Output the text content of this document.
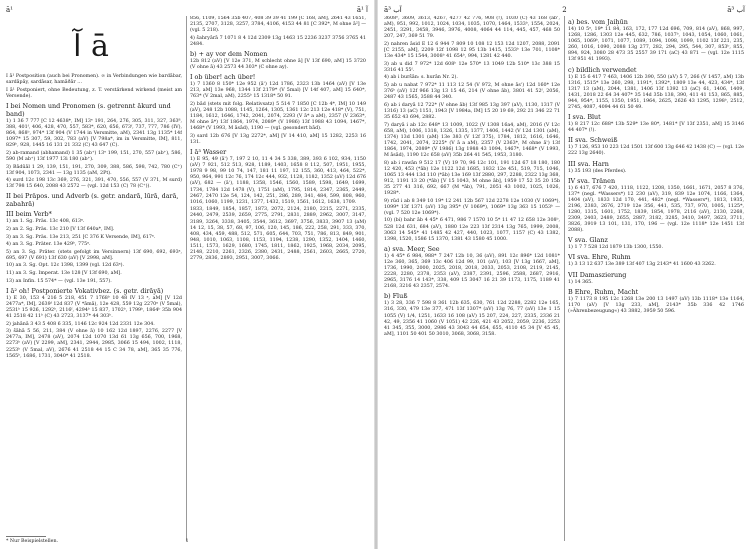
ā¹	ā¹ آ
آ ā
I ā¹ Postposition (auch bei Pronomen). ∞ in Verbindungen wie bardābar, sardāpāy, sardāsar, hamāðār …
I ā¹ Postponiert, ohne Bedeutung, z. T. verstärkend wirkend (meist am Versende).
I bei Nomen und Pronomen (s. getrennt ākurd und band)
1) 1 36 7 777 [C 12 4638*, IM] 13ᵉ 191, 264, 276, 305, 311, 327, 363⁸, 388, 401ᶠ, 406, 428, 470, 557, 583*, 620, 656, 673ᶠ, 737, 777, 786 (IV), 864, 868ᵇ, 974* 13f 904 (V 1744 in Versmitte, aM), 2341 13g 1135* 14f 1097* 15 307, 59, 302, 783 (aV) [V 798a*, im in Versmitte, IM], 811, 829ᵇ, 928, 1445 16 131 21 332 (C) 43 647 (C).
2) ab-ramand (abhamand) 1 35 (ab⁺) 13ᵉ 199, 151, 270, 557 (ab⁺), 586, 590 (M ab⁺) 13f 1977 13i 180 (ab⁺).
3) Bādūāl 1 29, 139, 151, 191, 270, 309, 388, 586, 598, 742, 780 (C⁺) 13f 904, 1073, 2341 — 13g 1135 (aM, 2Pt).
4) surd 12c 198 13c 369, 276, 321, 391, 470, 556, 557 (V 371, M surd) 13f 798 15 640, 2088 43 2572 — (vgl. 12d 153 (C) 78 (C⁺)).
II bei Präpos. und Adverb (s. getr. andarā, lūrā, darā, zabahrā)
III beim Verb*
1) an 1. Sg. Präs. 13c 408, 613ᵃ.
2) an 2. Sg. Präs. 13c 210 [V 13f 640a*, IM].
3) an 3. Sg. Präs. 13e 213, 251 [C 376 K Versende, IM], 617ᵃ.
4) an 3. Sg. Präter. 13e 429ᵇ, 775ᵃ.
5) an 3. Sg. Präter. (stets gefolgt im Versinnern) 13f 690, 692, 693ᵃ, 695, 697 (V 691) 13f 630 (aV) [V 2998, aM].
10) an 3. Sg. Opt. 12c 1398, 1399 (vgl. 12d 63ᵃ).
11) an 3. Sg. Imperat. 13e 128 [V 13f 690, aM].
13) an Infin. 15 574* — (vgl. 13e 191, 557).
I ā² oh! Postponierte Vokativbez. (s. getr. dirāyā)
1) E 30, 153 4 216 5 218, 451 7 1768ᵇ 10 48 IV 13 ᵃ, aM] [V 12d 2477a*, IM], 2639ᶠ 12d 837 (V *āmā), 12e 428, 559 12g 2270ᵃ (V 5mal), 2531ᵇ 15 926, 1292ᵇ, 2116ᶠ, 4294ᵇ 15 837, 1702ᵇ, 1799ᵇ, 1864ᵇ 35b 904 41 2518 42 11ᵇ (C) 43 2723, 3137* 44 303ᵇ.
2) jahānā 3 43 5 408 6 335, 1146 12c 924 12d 2331 12e 304.
3) šāhā 5 56, 211, 384 (V ohne ā) 10 162 12d 1897, 2276, 2277 [V 2477a, IM], 2478 (aV), 2074 12d 1070 13d 61 13g 656, 700, 1968, 2273ᵇ (aV) [V 2299, aM], 2341, 2944, 2985, 3066 15 494, 1002, 1118, 2253ᵇ (V 5mal, aV), 2676 41 2518 44 15 C 34 78, aM], 365 35 776, 1565ᵇ, 1686, 1731, 3040* 41 2518.
856, 1109, 1564 35b 407, 408 39 39 41 199 [C 168, aM], 2641 43 1651, 2135, 2707, 3128, 3257, 3784, 4106, 4153 44 81 [C 392*, M ohne ā²] — (vgl. 5 218).
4) šahryārā 7 1071 8 4 12d 2309 13g 1463 15 2236 3237 3756 3765 41 2484.
b) + ay vor dem Nomen
12b 812 (aV) [V 12e 371, M schlecht ohne ā] [V 13f 690, aM] 15 3720 (V ohne ā) 43 2573 44 303* (C ohne ay).
I ob über! ach über!
1) 7 1360 8 150* 12e 952 (āʾ) 12d 1786, 2323 13b 1464 (aV) [V 13e 213, aM] 13e 968, 1344 13f 2179* (V 5mal) [V 14f 407, aM] 15 640*, 763* (V 2mal, aM), 2255ᵇ 15 1318* 50 91.
2) bād (stets mit folg. Relativsatz) 5 514 7 1850 [C 12b 4*, IM] 10 149 (aV), 248 12b 1088, 1145, 1264, 1305, 1361 12c 213 12e 418* (V), 751, 1184, 1612, 1646, 1742, 2041, 2074, 2293 (V ā* a aM), 2357 (V 2363*, M ohne ā*) 13f 1864, 1974, 2089* (V 1986) 13f 1988 43 1094, 1467*, 1468* (V 1993, M āsād), 1190 — (vgl. gesondert bād).
3) sard 12b 676 [V 13g 2272*, aM] [V 14 410, aM] 15 1282, 2253 16 131.
I ā³ Wasser
1) E 95, 49 (āʾ) 7, 197 2 10, 11 4 34 5 338, 389, 393 6 102, 934, 1150 (aV) 7 921, 512 513, 928, 1189, 1403, 1658 8 112, 507, 1951, 1955, 1978 9 98, 99 10 74, 147, 181 11 197, 12 155, 360, 413, 464, 522*, 950, 964, 991 12c 76, 174 12c 444, 932, 1128, 1182, 1352 (aV) 12d 676 (aV), 682 — (āʾ), 1188, 1358, 1546, 1560, 1589, 1598, 1649, 1699, 1734, 1784 12d 1478 (V), 1751 (aM), 1795, 1814, 2347, 2365, 2449, 2467, 2470 12e 54, 124, 142, 251, 286, 289, 341, 484, 599, 808, 960, 1016, 1060, 1199, 1231, 1377, 1432, 1519, 1561, 1612, 1638, 1709.
1833, 1849, 1854, 1857, 1873, 2072, 2124, 2180, 2215, 2271, 2335, 2440, 2479, 2539, 2659, 2775, 2791, 2831, 2889, 2962, 3007, 3147, 3189, 3264, 3338, 3405, 3544, 3612, 3697, 3756, 3833, 3907 13 (aM) 14 12, 15, 38, 57, 68, 97, 106, 120, 145, 186, 222, 258, 291, 333, 370, 408, 434, 459, 488, 512, 571, 605, 644, 703, 751, 786, 813, 849, 901, 948, 1010, 1063, 1108, 1153, 1194, 1238, 1290, 1352, 1404, 1460, 1511, 1573, 1629, 1680, 1745, 1811, 1862, 1925, 1968, 2034, 2095, 2148, 2210, 2261, 2326, 2380, 2431, 2488, 2561, 2603, 2665, 2720, 2779, 2836, 2893, 2951, 3007, 3066.
* Nur Beispielstellen.	1
ā³ آب	2	ā³ آب
3608ᵇ, 3609, 3613, 4267, 4277 42 776, 908 (!), 1030 (C) 43 168 (ābʾ, aM), 951, 992, 1012, 1024, 1034, 1035, 1070, 1464, 1533ᵇ, 1554, 2024, 2451, 3291, 3458, 3946, 3976, 4008, 4064 44 114, 445, 457, 468 50 207, 247, 369 51 79.
2) nahren āsid E 12 6 944 7 809 10 108 12 153 12d 1207, 2088, 2091 [C 2155, aM], 2209 12f 1098 12 95 13b 1415, 1533ᵇ 13e 701, 1108* 13e 434* 15 1544, 3008ᵇ 41 654ᵇ, 994, 1281 42 440.
3) ab u did 7 972* 12d 608ᵇ 12e 570* 13 1049 12b 510* 13c 388 15 3316 41 55ᶠ.
4) ab i buršān: s. hurān Nr. 2).
5) ab u nabat 7 972* 11 113 12 54 (V 972, M ohne āsʾ) 12d 160* 12e 376ᵇ (aV) 12f 966 13g 13 15 46, 214 (V ohne āb), 3801 41 52ᶠ, 2056, 2487 43 1565, 3588 44 340.
6) ab i daryā 12 722* (V ohne āb) 13f 985 13g 397 (aV), 1130, 1317 (V 1316) 13 (aC) 1151, 1943 [V 1984a, IM] 15 20 19 69, 292 21 346 22 71 35 652 43 694, 2882.
7) daryā i ab 12c 648* 13 1009, 1022 (V 1308 16a4, aM), 2016 (V 12c 658, aM), 1006, 1318, 1326, 1335, 1377, 1406, 1442 (V 12d 1301 (aM), 1374) 13d 1301 (aM) 13e 383 (V 12f 375), 1784, 1812, 1616, 1646, 1742, 2041, 2074, 2225* (V ā a aM), 2357 (V 2363*, M ohne āʾ) 13f 1864, 1974, 2089* (V 1986) 13g 1988 43 1094, 1467*, 1468* (V 1993, M āsād), 1190 12c 658 (aV) 35b 264 41 545, 1953, 3180.
8) ab i rawān 9 512 17 (V) 19 70, 96 12c 101, 191 12d 67 18 180, 180 12 420, 453 (*āb) 12e 1122 12d 1685, 1832 12e 451, 519, 715, 1046, 1065 13 444 13d 110 (*āb) 13e 169 13f 2880, 297, 2288, 2322 13g 368, 912, 1191 13 20 (*āb) [V 15 1043, M ohne āb], 1959 17 52 35 20 15b 35 277 41 316, 692, 667 (M *āb), 791, 2051 43 1002, 1025, 1026, 1928*.
9) rūd i ab 8 349 10 19* 12 241 12b 567 12d 2278 12e 1030 (V 1069*), 1099* 13f 1371 (aV) 13g 395* (V 1069*), 1069* 13g 363 15 1053ᵇ — (vgl. 7 520 12e 1069*).
10) (bi) bahr āb 4 45* 6 471, 986 7 1570 10 5* 11 47 12 658 12e 308ᵇ, 528 12d 631, 684 (aV), 1880 12e 223 13f 2314 13g 765, 1999, 2008, 3063 14 545* 41 1485 42 427, 440, 1023, 1077, 1157 (C) 43 1382, 1398, 1520, 1586 15 1370, 1381 43 1580 45 1000.
a) sva. Meer, See
1) 4 45* 6 984, 988* 7 247 12b 10, 36 (aV), 891 12c 896* 12d 1081* 12e 360, 365, 369 13c 406 12d 99, 101 (aV), 103 [V 13g 1667, aM], 1736, 1990, 2000, 2025, 2018, 2018, 2033, 2053, 2108, 2119, 2145, 2228, 2280, 2378, 2353 (aV), 2387, 2391, 2596, 2588, 2687, 2916, 2965, 3176 14 143*, 338, 409 15 3047 16 21 39 1173, 1175, 1189 41 2168, 3216 43 2357, 2574.
b) Fluß
1) 3 28, 336 7 598 8 361 12b 635, 630, 761 12d 2288, 2282 12e 165, 316, 330, 479 13e 377, 471 13f 1307* (aV) 13g 76, 77 (aV) 13e 1 15 1055 (V) 1/4, 1251, 1633 16 108 (aV) 15 207, 224, 227, 2335, 2336 21 42, 49, 2356 41 1060 (V 1051) 42 226, 421 43 2052, 2059, 2236, 2253 41 345, 355, 3000, 2986 43 3043 44 654, 655, 4110 45 34 [V 45 45, aM], 1101 50 401 50 3010, 3068, 3068, 3158.
a) bes. vom Jaiḥūn
14) 10 5ᵃ, 19* 11 84, 163, 172, 177 12d 696, 709, 814 (aV), 868, 997, 1268, 1286, 1303 12e 445, 632, 786, 1037ᵇ, 1043, 1054, 1060, 1061, 1065, 1069ᵇ, 1071, 1077, 1089, 1094, 1098, 1099, 1102 13f 221, 235, 260, 1016, 1090, 2088 13g 277, 282, 294, 295, 544, 307, 853ᵇ, 855, 894, 924, 3080 28 473 35 2557 39 171 (aC) 43 871 — (vgl. 12e 1115 13f 951 41 1993).
c) bildlich verwendet
1) E 15 6 417 7 463, 1406 12b 390, 550 (aV) 5 7, 266 (V 1457, aM) 13b 1316, 1515* 13e 260, 298, 1191*, 1392*, 1809 13e 44, 423, 434*, 13f 1317 13 (aM), 2044, 1381, 1406 13f 1392 13 (aC) 61, 1406, 1409, 1431, 2018 22 64 34 407* 35 14d 35b 138, 390, 411 41 153, 865, 885, 944, 954*, 1155, 1350, 1951, 1964, 2625, 2626 43 1295, 1298ᵇ, 2512, 2745, 4087, 4094 44 61 50 49.
I sva. Blut
1) 8 217 12c 688* 13b 529* 13e 80*, 1481* [V 13f 2351, aM] 15 3146 44 407* (!).
II sva. Schweiß
1) 7 126, 953 10 223 12d 1501 13f 600 13g 646 42 1438 (C) — (vgl. 12e 222 13g 2640).
III sva. Harn
1) 35 193 (des Pferdes).
IV sva. Tränen
1) 6 417, 676 7 420, 1118, 1122, 1208, 1350, 1661, 1671, 2057 8 376, 137* (negl. *Wassers*) 12 230 (aV), 319, 839 12e 1074, 1166, 1364, 1404 (aV), 1833 12d 170, 441, 482* (negl. *Wassers*), 1813, 1935, 2196, 2383, 2676, 2719 12e 356, 441, 535, 737, 970, 1005, 1125*, 1280, 1315, 1601, 1752, 1839, 1854, 1978, 2116 (aV), 2130, 2268, 2309, 2403, 2489, 2655, 2887, 3182, 3285, 3410, 3497, 3623, 3711, 3826, 3919 13 101, 131, 170, 196 — (vgl. 12e 1118* 12e 1451 13f 2088).
V sva. Glanz
1) 1 7 7 528 12d 1879 13b 1300, 1550.
VI sva. Ehre, Ruhm
1) 3 13 12 637 13e 389 13f 407 13g 2143* 41 1600 43 3262.
VII Damaszierung
1) 14 365.
B Ehre, Ruhm, Macht
1) 7 1173 8 195 12c 1268 13e 200 13 1497 (aV) 13b 1118* 13e 1164, 1170 (aV) [V 13g 233, aM], 2143* 35b 336 42 1746 (»Ährenbezeugung«) 43 3882, 3959 50 596.
